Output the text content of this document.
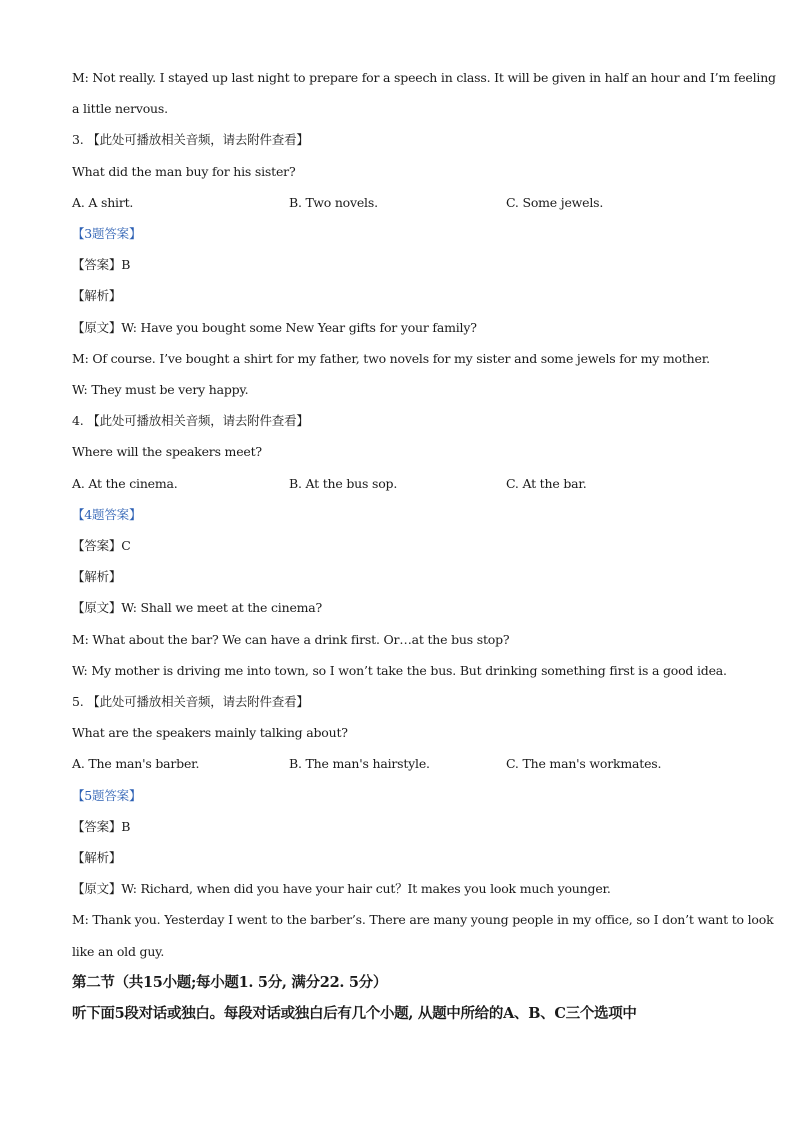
M: Not really. I stayed up last night to prepare for a speech in class. It will be given in half an hour and I’m feeling
a little nervous.
3. 【此处可播放相关音频，请去附件查看】
What did the man buy for his sister?
A. A shirt.	B. Two novels.	C. Some jewels.
【3题答案】
【答案】B
【解析】
【原文】W: Have you bought some New Year gifts for your family?
M: Of course. I’ve bought a shirt for my father, two novels for my sister and some jewels for my mother.
W: They must be very happy.
4. 【此处可播放相关音频，请去附件查看】
Where will the speakers meet?
A. At the cinema.	B. At the bus sop.	C. At the bar.
【4题答案】
【答案】C
【解析】
【原文】W: Shall we meet at the cinema?
M: What about the bar? We can have a drink first. Or…at the bus stop?
W: My mother is driving me into town, so I won’t take the bus. But drinking something first is a good idea.
5. 【此处可播放相关音频，请去附件查看】
What are the speakers mainly talking about?
A. The man's barber.	B. The man's hairstyle.	C. The man's workmates.
【5题答案】
【答案】B
【解析】
【原文】W: Richard, when did you have your hair cut？It makes you look much younger.
M: Thank you. Yesterday I went to the barber’s. There are many young people in my office, so I don’t want to look
like an old guy.
第二节（共15小题;每小题1. 5分, 满分22. 5分）
听下面5段对话或独白。每段对话或独白后有几个小题, 从题中所给的A、B、C三个选项中
